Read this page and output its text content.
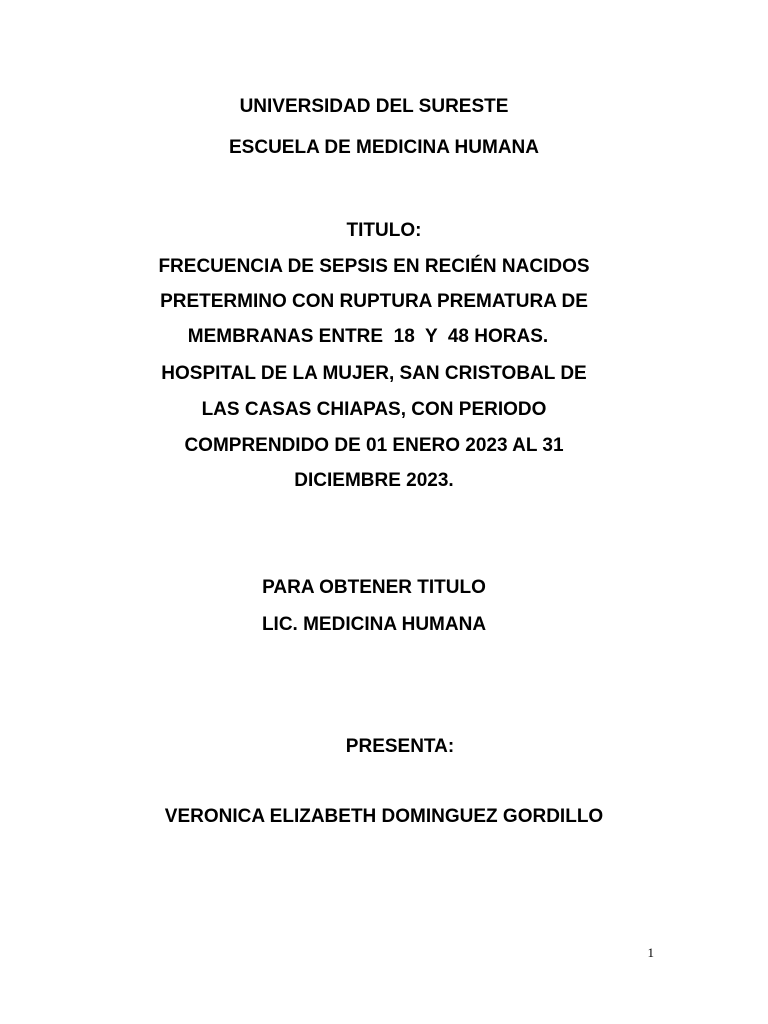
UNIVERSIDAD DEL SURESTE
ESCUELA DE MEDICINA HUMANA
TITULO:
FRECUENCIA DE SEPSIS EN RECIÉN NACIDOS
PRETERMINO CON RUPTURA PREMATURA DE
MEMBRANAS ENTRE  18  Y  48 HORAS.
HOSPITAL DE LA MUJER, SAN CRISTOBAL DE
LAS CASAS CHIAPAS, CON PERIODO
COMPRENDIDO DE 01 ENERO 2023 AL 31
DICIEMBRE 2023.
PARA OBTENER TITULO
LIC. MEDICINA HUMANA
PRESENTA:
VERONICA ELIZABETH DOMINGUEZ GORDILLO
1
